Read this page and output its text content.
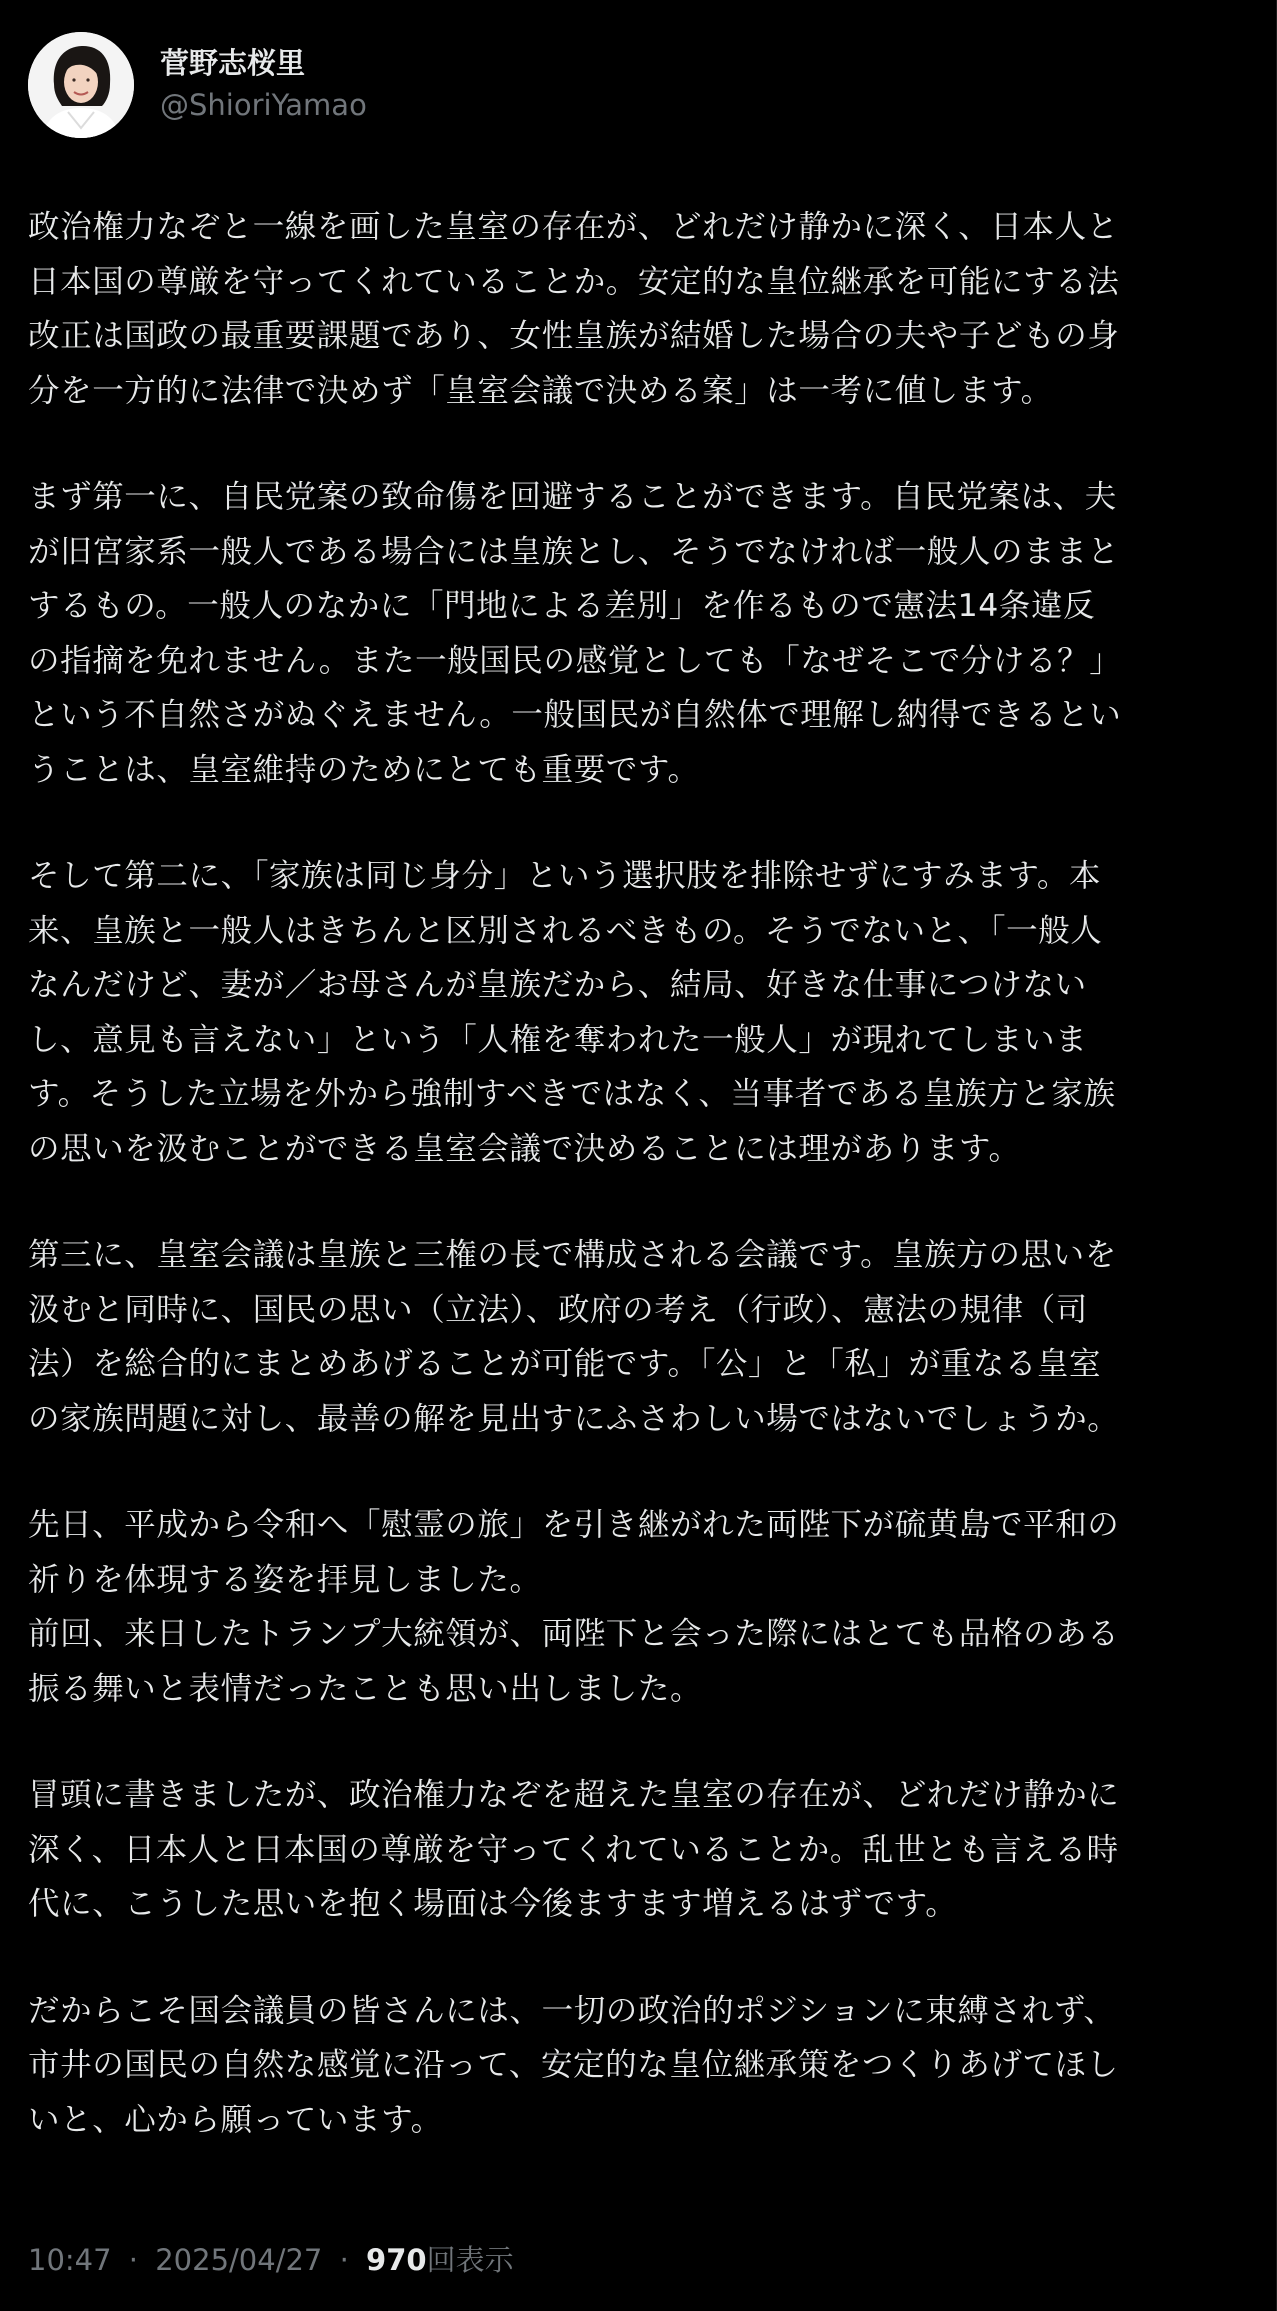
菅野志桜里
@ShioriYamao
政治権力なぞと一線を画した皇室の存在が、どれだけ静かに深く、日本人と
日本国の尊厳を守ってくれていることか。安定的な皇位継承を可能にする法
改正は国政の最重要課題であり、女性皇族が結婚した場合の夫や子どもの身
分を一方的に法律で決めず「皇室会議で決める案」は一考に値します。
まず第一に、自民党案の致命傷を回避することができます。自民党案は、夫
が旧宮家系一般人である場合には皇族とし、そうでなければ一般人のままと
するもの。一般人のなかに「門地による差別」を作るもので憲法14条違反
の指摘を免れません。また一般国民の感覚としても「なぜそこで分ける？」
という不自然さがぬぐえません。一般国民が自然体で理解し納得できるとい
うことは、皇室維持のためにとても重要です。
そして第二に、「家族は同じ身分」という選択肢を排除せずにすみます。本
来、皇族と一般人はきちんと区別されるべきもの。そうでないと、「一般人
なんだけど、妻が／お母さんが皇族だから、結局、好きな仕事につけない
し、意見も言えない」という「人権を奪われた一般人」が現れてしまいま
す。そうした立場を外から強制すべきではなく、当事者である皇族方と家族
の思いを汲むことができる皇室会議で決めることには理があります。
第三に、皇室会議は皇族と三権の長で構成される会議です。皇族方の思いを
汲むと同時に、国民の思い（立法）、政府の考え（行政）、憲法の規律（司
法）を総合的にまとめあげることが可能です。「公」と「私」が重なる皇室
の家族問題に対し、最善の解を見出すにふさわしい場ではないでしょうか。
先日、平成から令和へ「慰霊の旅」を引き継がれた両陛下が硫黄島で平和の
祈りを体現する姿を拝見しました。
前回、来日したトランプ大統領が、両陛下と会った際にはとても品格のある
振る舞いと表情だったことも思い出しました。
冒頭に書きましたが、政治権力なぞを超えた皇室の存在が、どれだけ静かに
深く、日本人と日本国の尊厳を守ってくれていることか。乱世とも言える時
代に、こうした思いを抱く場面は今後ますます増えるはずです。
だからこそ国会議員の皆さんには、一切の政治的ポジションに束縛されず、
市井の国民の自然な感覚に沿って、安定的な皇位継承策をつくりあげてほし
いと、心から願っています。
10:47 · 2025/04/27 · 970回表示
